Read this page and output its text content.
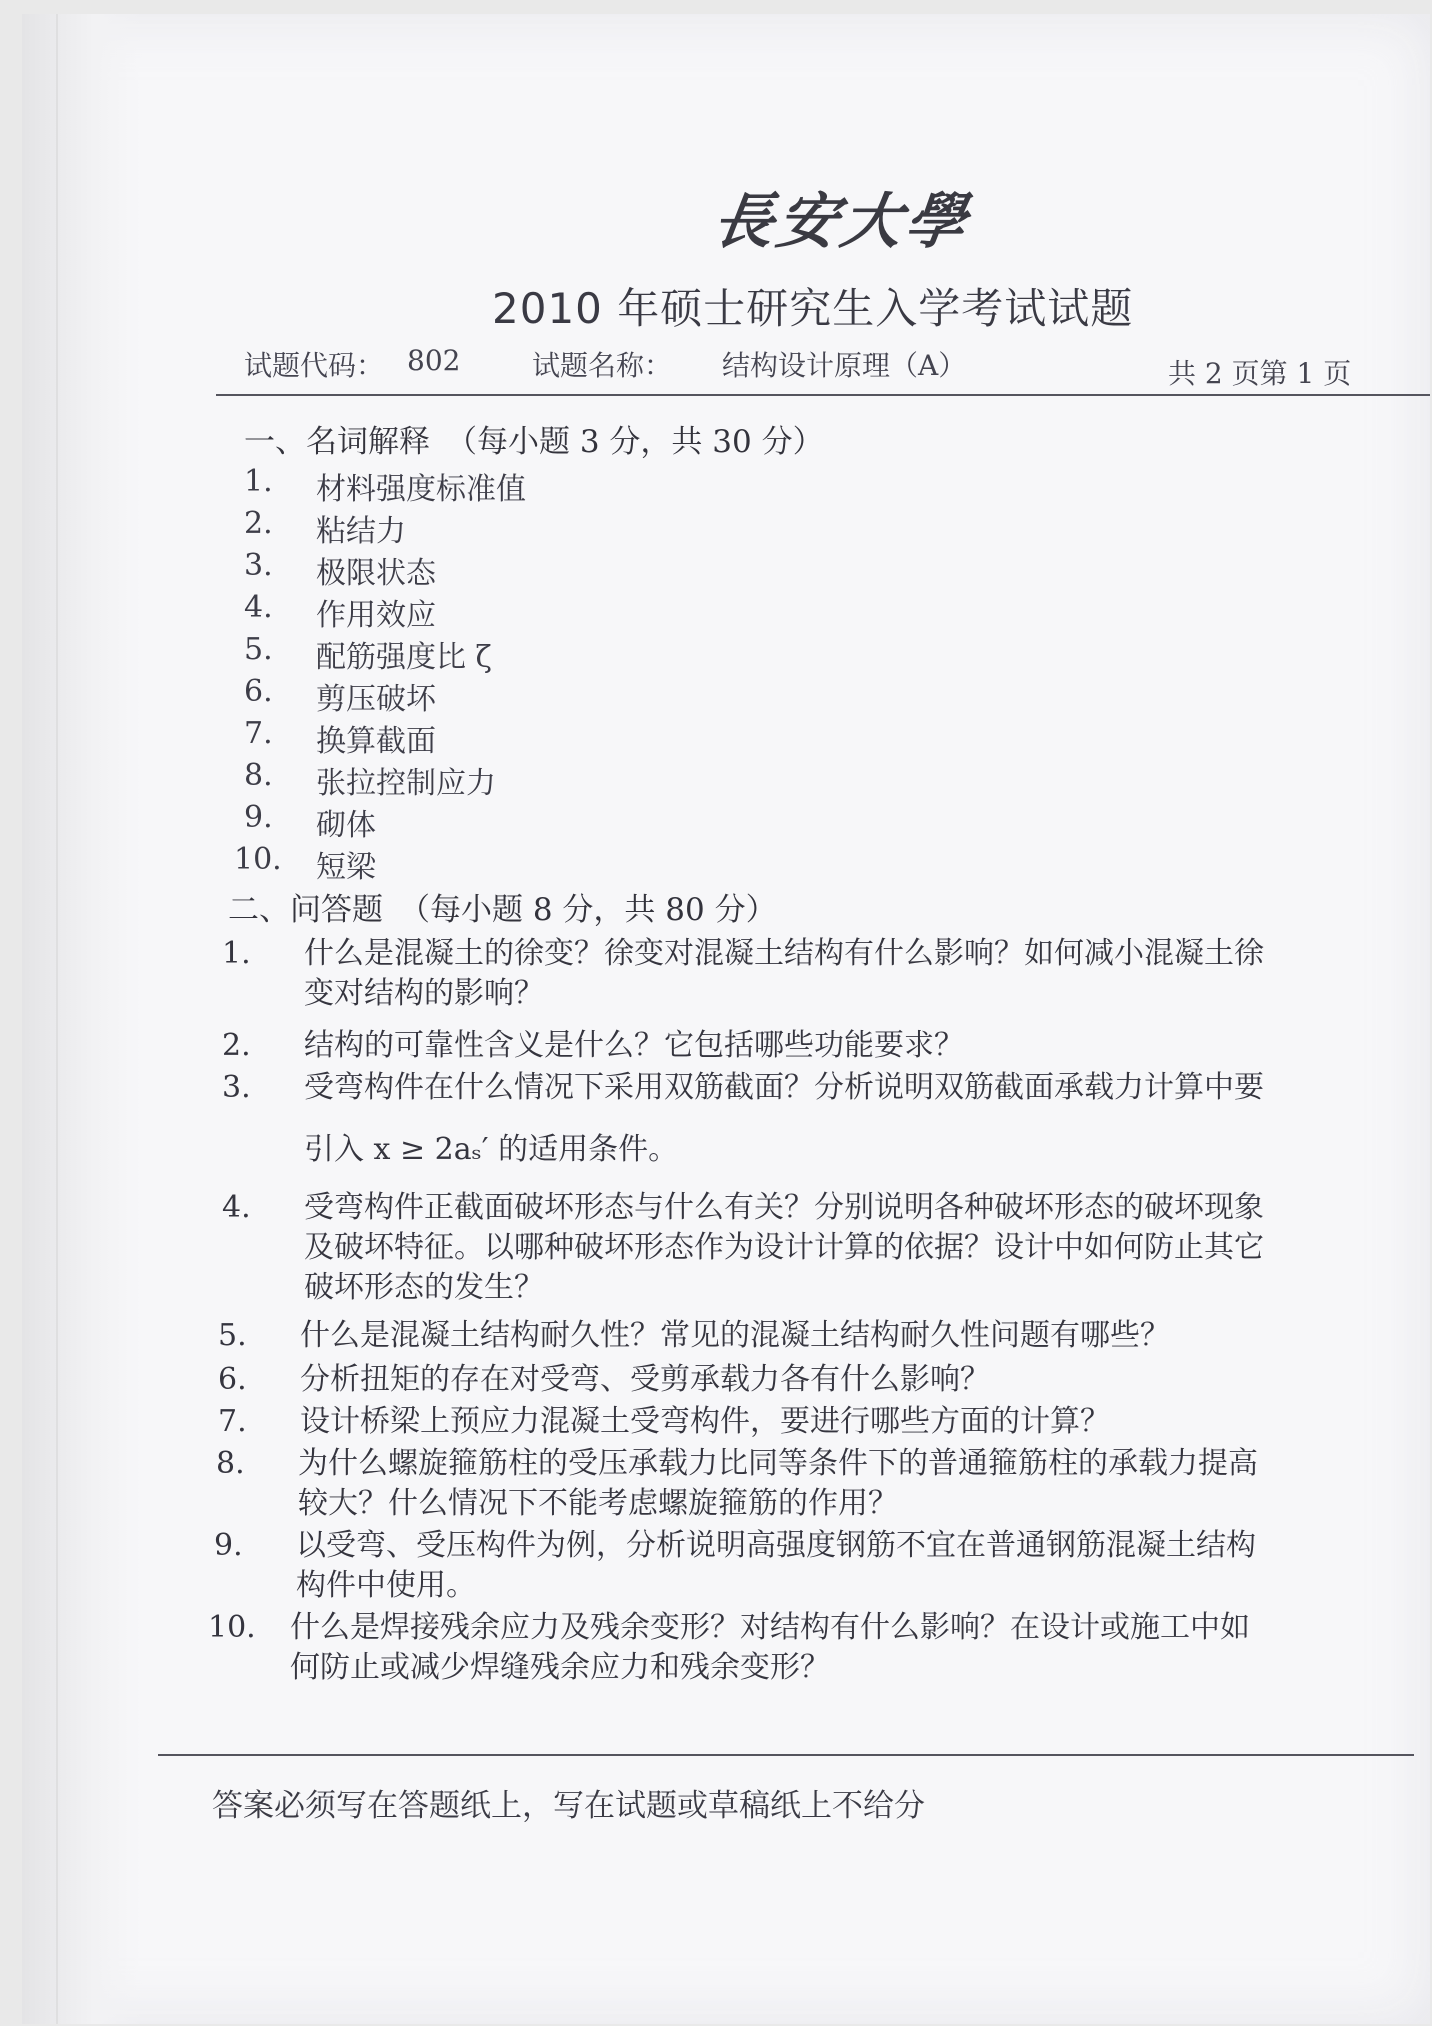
長安大學
2010 年硕士研究生入学考试试题
试题代码： 802	试题名称： 结构设计原理（A）	共 2 页第 1 页
一、名词解释 （每小题 3 分，共 30 分）
1. 材料强度标准值
2. 粘结力
3. 极限状态
4. 作用效应
5. 配筋强度比 ζ
6. 剪压破坏
7. 换算截面
8. 张拉控制应力
9. 砌体
10. 短梁
二、问答题 （每小题 8 分，共 80 分）
1. 什么是混凝土的徐变？徐变对混凝土结构有什么影响？如何减小混凝土徐
变对结构的影响？
2. 结构的可靠性含义是什么？它包括哪些功能要求？
3. 受弯构件在什么情况下采用双筋截面？分析说明双筋截面承载力计算中要
引入 x ≥ 2aₛ′ 的适用条件。
4. 受弯构件正截面破坏形态与什么有关？分别说明各种破坏形态的破坏现象
及破坏特征。以哪种破坏形态作为设计计算的依据？设计中如何防止其它
破坏形态的发生？
5. 什么是混凝土结构耐久性？常见的混凝土结构耐久性问题有哪些？
6. 分析扭矩的存在对受弯、受剪承载力各有什么影响？
7. 设计桥梁上预应力混凝土受弯构件，要进行哪些方面的计算？
8. 为什么螺旋箍筋柱的受压承载力比同等条件下的普通箍筋柱的承载力提高
较大？什么情况下不能考虑螺旋箍筋的作用？
9. 以受弯、受压构件为例，分析说明高强度钢筋不宜在普通钢筋混凝土结构
构件中使用。
10. 什么是焊接残余应力及残余变形？对结构有什么影响？在设计或施工中如
何防止或减少焊缝残余应力和残余变形？
答案必须写在答题纸上，写在试题或草稿纸上不给分
